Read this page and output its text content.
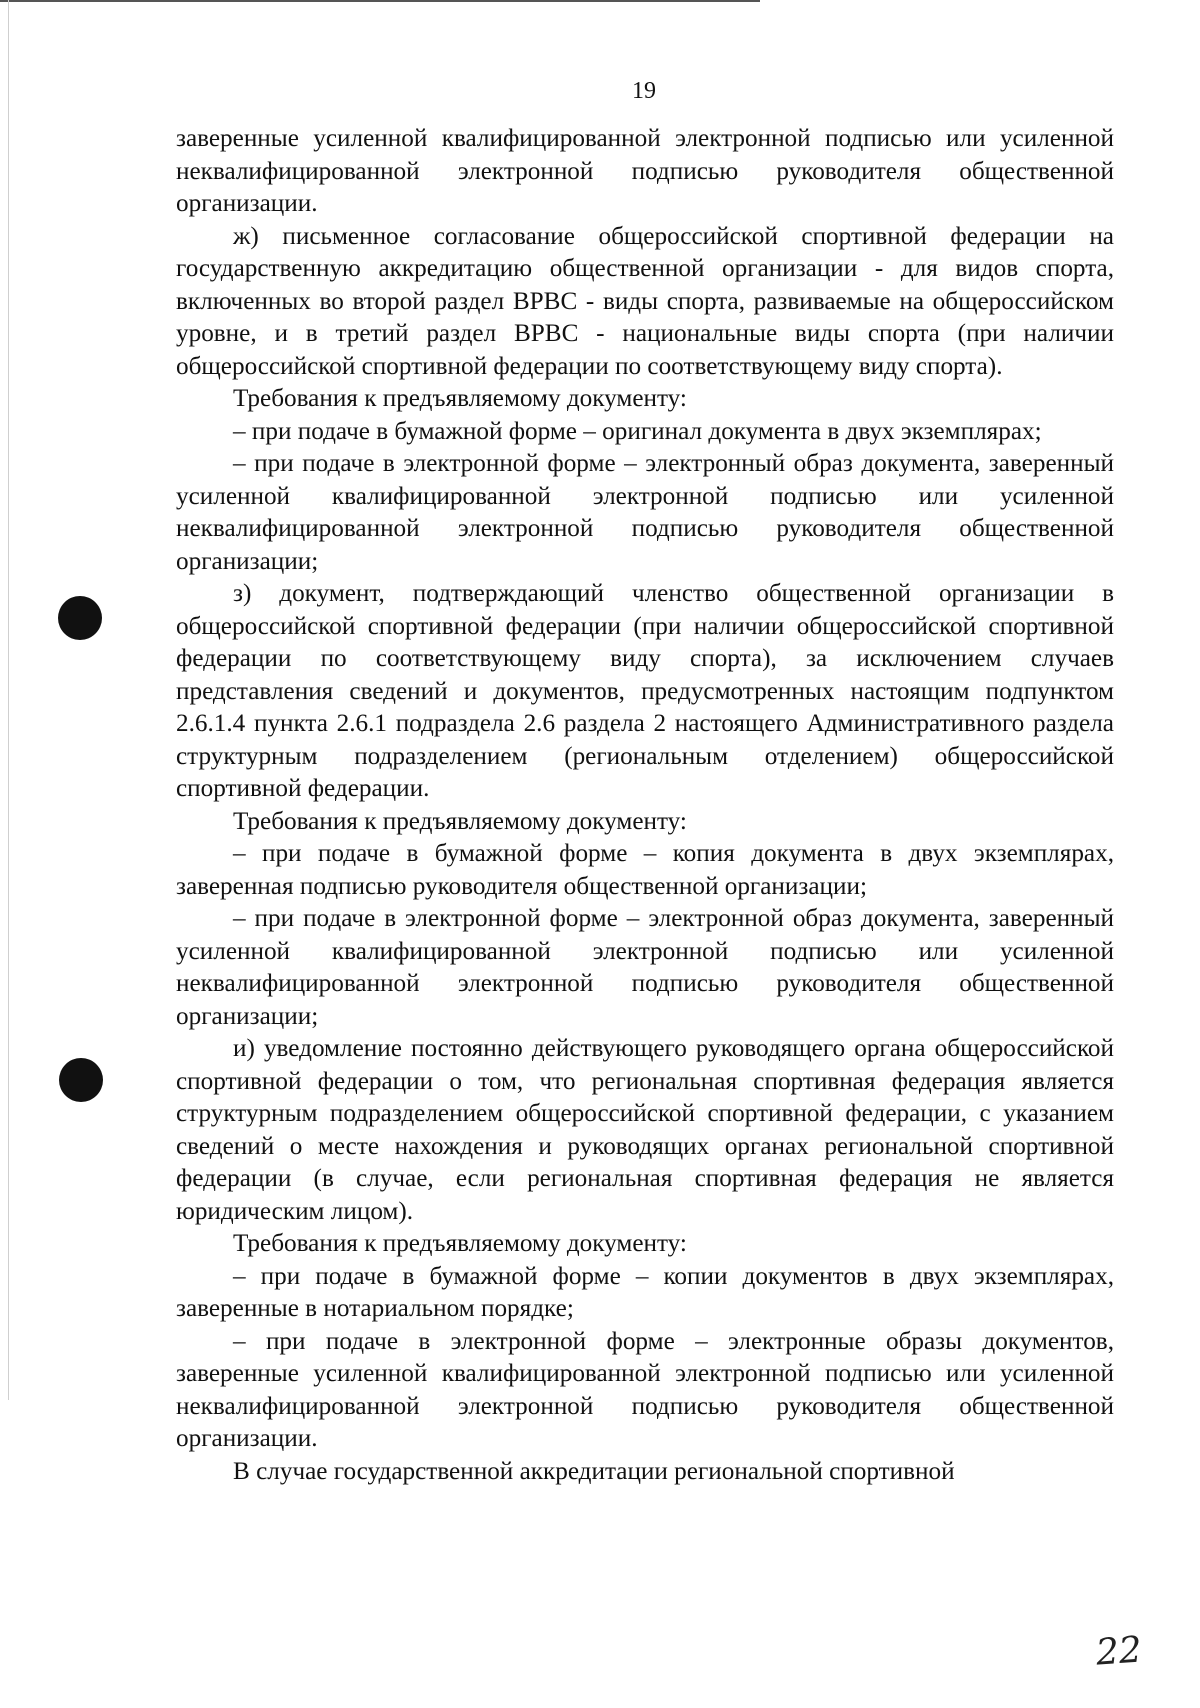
19

заверенные усиленной квалифицированной электронной подписью или усиленной неквалифицированной электронной подписью руководителя общественной организации.

ж) письменное согласование общероссийской спортивной федерации на государственную аккредитацию общественной организации - для видов спорта, включенных во второй раздел ВРВС - виды спорта, развиваемые на общероссийском уровне, и в третий раздел ВРВС - национальные виды спорта (при наличии общероссийской спортивной федерации по соответствующему виду спорта).

Требования к предъявляемому документу:

– при подаче в бумажной форме – оригинал документа в двух экземплярах;

– при подаче в электронной форме – электронный образ документа, заверенный усиленной квалифицированной электронной подписью или усиленной неквалифицированной электронной подписью руководителя общественной организации;

з) документ, подтверждающий членство общественной организации в общероссийской спортивной федерации (при наличии общероссийской спортивной федерации по соответствующему виду спорта), за исключением случаев представления сведений и документов, предусмотренных настоящим подпунктом 2.6.1.4 пункта 2.6.1 подраздела 2.6 раздела 2 настоящего Административного раздела структурным подразделением (региональным отделением) общероссийской спортивной федерации.

Требования к предъявляемому документу:

– при подаче в бумажной форме – копия документа в двух экземплярах, заверенная подписью руководителя общественной организации;

– при подаче в электронной форме – электронной образ документа, заверенный усиленной квалифицированной электронной подписью или усиленной неквалифицированной электронной подписью руководителя общественной организации;

и) уведомление постоянно действующего руководящего органа общероссийской спортивной федерации о том, что региональная спортивная федерация является структурным подразделением общероссийской спортивной федерации, с указанием сведений о месте нахождения и руководящих органах региональной спортивной федерации (в случае, если региональная спортивная федерация не является юридическим лицом).

Требования к предъявляемому документу:

– при подаче в бумажной форме – копии документов в двух экземплярах, заверенные в нотариальном порядке;

– при подаче в электронной форме – электронные образы документов, заверенные усиленной квалифицированной электронной подписью или усиленной неквалифицированной электронной подписью руководителя общественной организации.

В случае государственной аккредитации региональной спортивной

22
